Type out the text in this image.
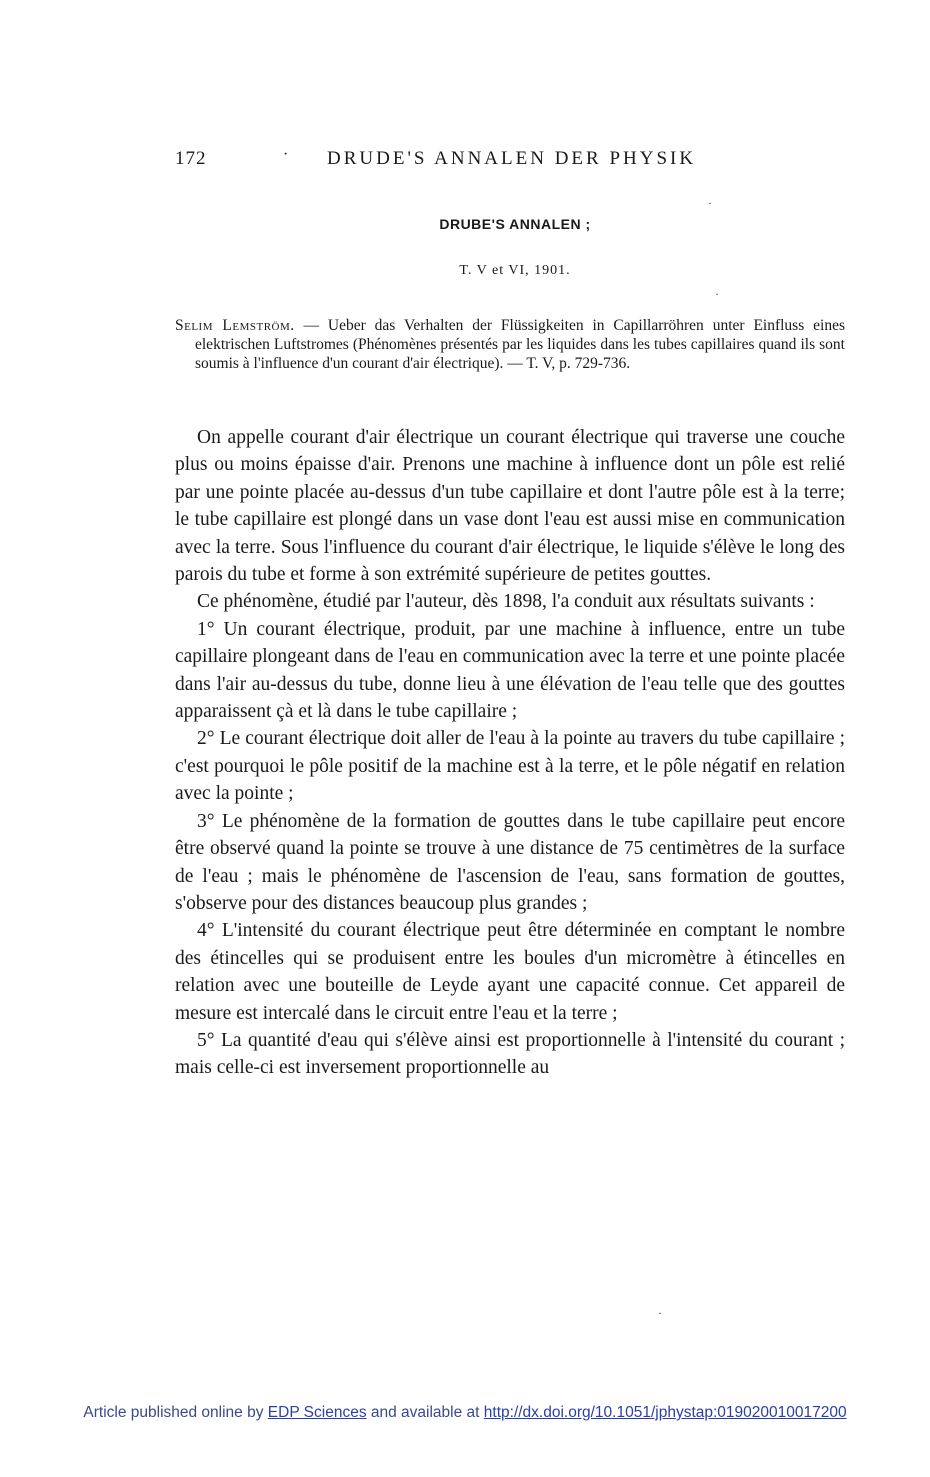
172	· DRUDE'S ANNALEN DER PHYSIK
·
DRUBE'S ANNALEN ;
T. V et VI, 1901.
·
Selim Lemström. — Ueber das Verhalten der Flüssigkeiten in Capillarröhren unter Einfluss eines elektrischen Luftstromes (Phénomènes présentés par les liquides dans les tubes capillaires quand ils sont soumis à l'influence d'un courant d'air électrique). — T. V, p. 729-736.

On appelle courant d'air électrique un courant électrique qui traverse une couche plus ou moins épaisse d'air. Prenons une machine à influence dont un pôle est relié par une pointe placée au-dessus d'un tube capillaire et dont l'autre pôle est à la terre; le tube capillaire est plongé dans un vase dont l'eau est aussi mise en communication avec la terre. Sous l'influence du courant d'air électrique, le liquide s'élève le long des parois du tube et forme à son extrémité supérieure de petites gouttes.

Ce phénomène, étudié par l'auteur, dès 1898, l'a conduit aux résultats suivants :

1° Un courant électrique, produit, par une machine à influence, entre un tube capillaire plongeant dans de l'eau en communication avec la terre et une pointe placée dans l'air au-dessus du tube, donne lieu à une élévation de l'eau telle que des gouttes apparaissent çà et là dans le tube capillaire ;

2° Le courant électrique doit aller de l'eau à la pointe au travers du tube capillaire ; c'est pourquoi le pôle positif de la machine est à la terre, et le pôle négatif en relation avec la pointe ;

3° Le phénomène de la formation de gouttes dans le tube capillaire peut encore être observé quand la pointe se trouve à une distance de 75 centimètres de la surface de l'eau ; mais le phénomène de l'ascension de l'eau, sans formation de gouttes, s'observe pour des distances beaucoup plus grandes ;

4° L'intensité du courant électrique peut être déterminée en comptant le nombre des étincelles qui se produisent entre les boules d'un micromètre à étincelles en relation avec une bouteille de Leyde ayant une capacité connue. Cet appareil de mesure est intercalé dans le circuit entre l'eau et la terre ;

5° La quantité d'eau qui s'élève ainsi est proportionnelle à l'intensité du courant ; mais celle-ci est inversement proportionnelle au

·
Article published online by EDP Sciences and available at http://dx.doi.org/10.1051/jphystap:019020010017200
